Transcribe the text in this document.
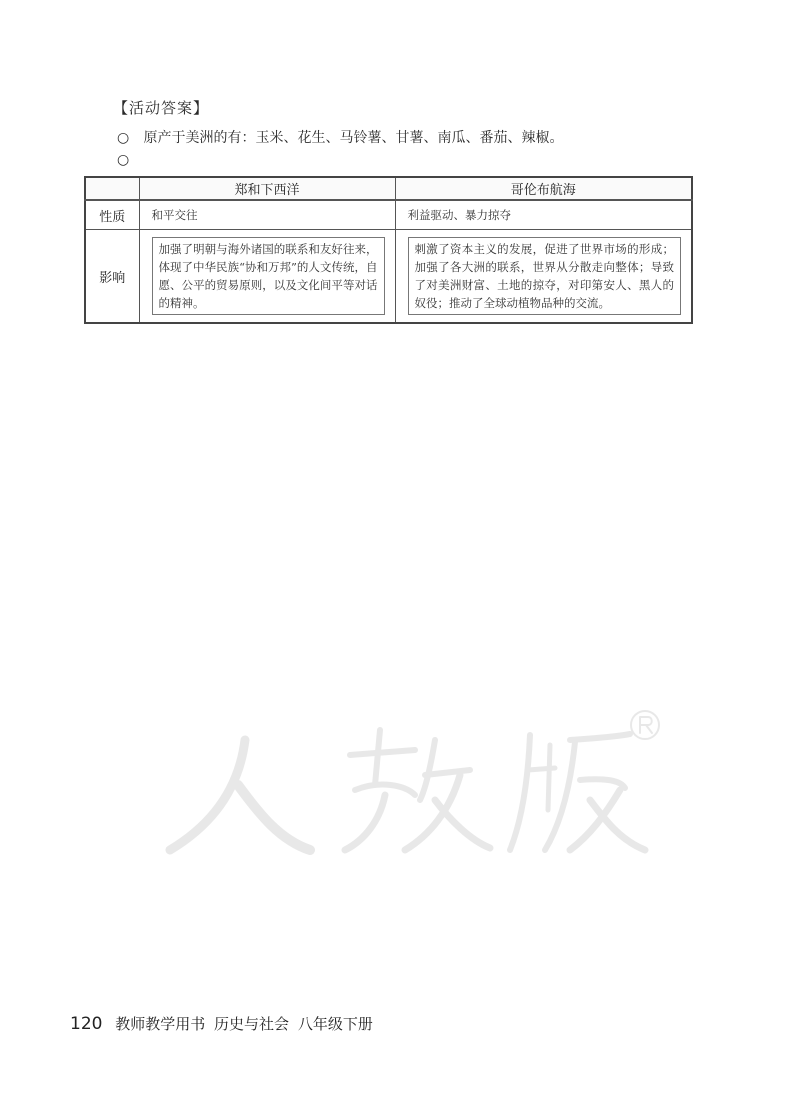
【活动答案】
○ 原产于美洲的有：玉米、花生、马铃薯、甘薯、南瓜、番茄、辣椒。
○
	郑和下西洋	哥伦布航海
性质	和平交往	利益驱动、暴力掠夺
影响	加强了明朝与海外诸国的联系和友好往来，体现了中华民族“协和万邦”的人文传统，自愿、公平的贸易原则，以及文化间平等对话的精神。	刺激了资本主义的发展，促进了世界市场的形成；加强了各大洲的联系，世界从分散走向整体；导致了对美洲财富、土地的掠夺，对印第安人、黑人的奴役；推动了全球动植物品种的交流。
120 教师教学用书 历史与社会 八年级下册
